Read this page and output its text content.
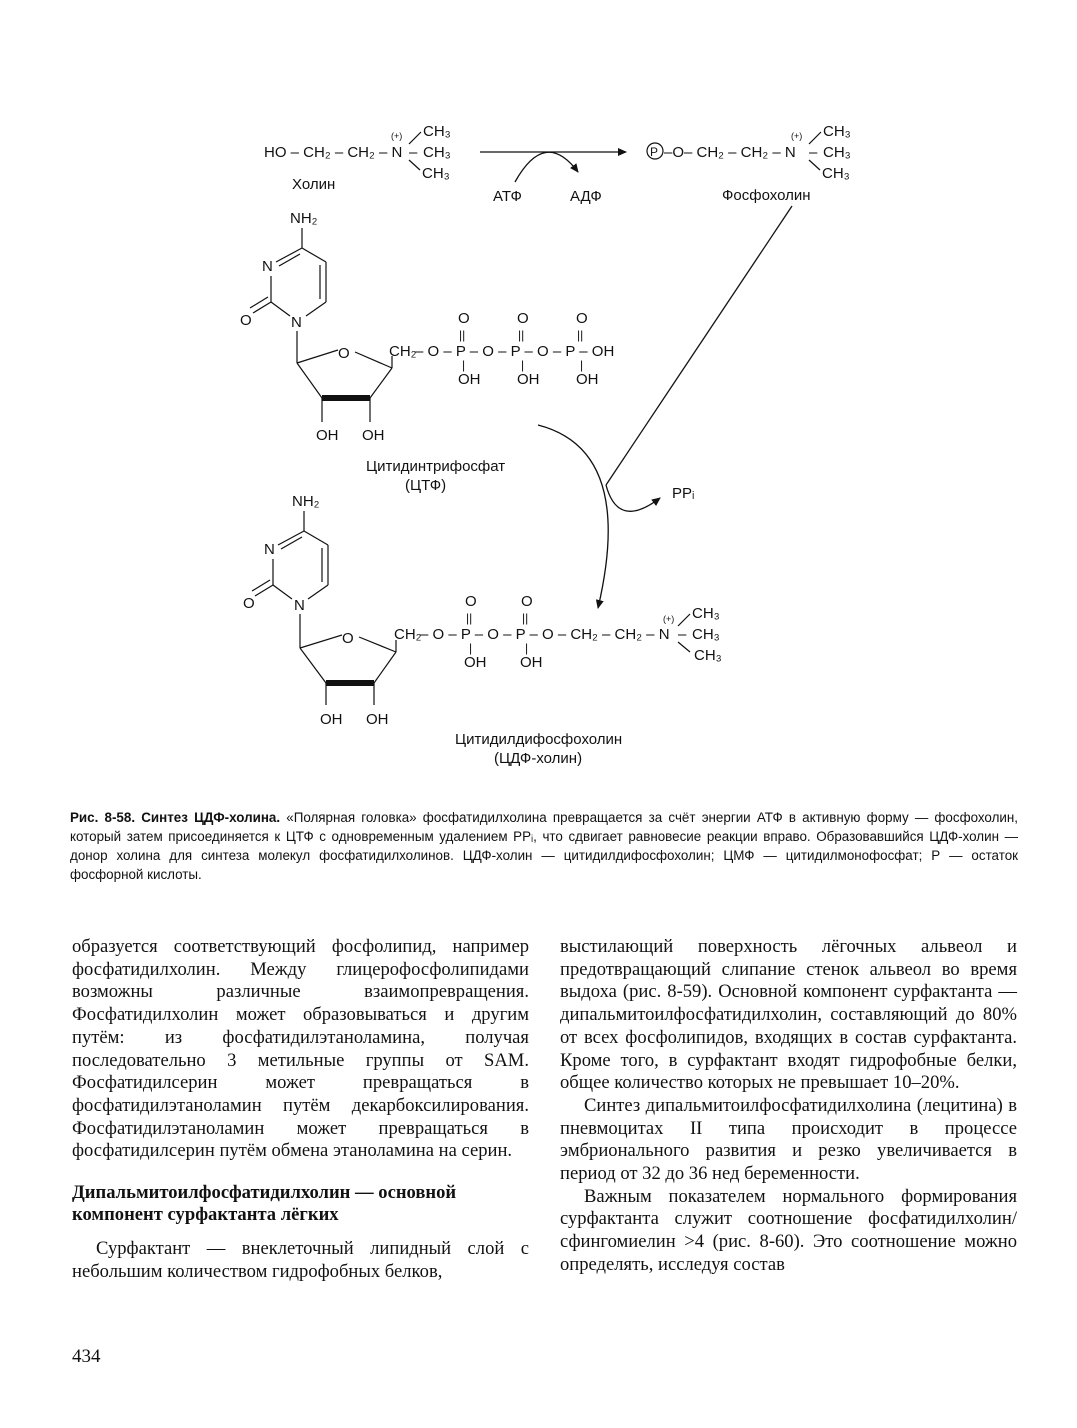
HO – CH₂ – CH₂ – N
(+) CH₃
– CH₃
CH₃
Холин
АТФ	АДФ
P –O– CH₂ – CH₂ – N
(+) CH₃
– CH₃
CH₃
Фосфохолин
NH₂
N
O	N
O
OH OH
CH₂
– O – P – O – P – O – P – OH
O
||
|
OH
O
||
|
OH
O
||
|
OH
Цитидинтрифосфат
(ЦТФ)	PPᵢ
NH₂
N
O	N
O
OH OH
CH₂
– O – P – O – P – O – CH₂ – CH₂ – N
O
||
|
OH
O
||
|
OH
(+) CH₃
– CH₃
CH₃
Цитидилдифосфохолин
(ЦДФ-холин)
Рис. 8-58. Синтез ЦДФ-холина. «Полярная головка» фосфатидилхолина превращается за счёт энергии АТФ в активную форму — фосфохолин, который затем присоединяется к ЦТФ с одновременным удалением PPᵢ, что сдвигает равновесие реакции вправо. Образовавшийся ЦДФ-холин — донор холина для синтеза молекул фосфатидилхолинов. ЦДФ-холин — цитидилдифосфохолин; ЦМФ — цитидилмонофосфат; Р — остаток фосфорной кислоты.

образуется соответствующий фосфолипид, например фосфатидилхолин. Между глицерофосфолипидами возможны различные взаимопревращения. Фосфатидилхолин может образовываться и другим путём: из фосфатидилэтаноламина, получая последовательно 3 метильные группы от SAM. Фосфатидилсерин может превращаться в фосфатидилэтаноламин путём декарбоксилирования. Фосфатидилэтаноламин может превращаться в фосфатидилсерин путём обмена этаноламина на серин.

Дипальмитоилфосфатидилхолин — основной компонент сурфактанта лёгких

Сурфактант — внеклеточный липидный слой с небольшим количеством гидрофобных белков,

выстилающий поверхность лёгочных альвеол и предотвращающий слипание стенок альвеол во время выдоха (рис. 8-59). Основной компонент сурфактанта — дипальмитоилфосфатидилхолин, составляющий до 80% от всех фосфолипидов, входящих в состав сурфактанта. Кроме того, в сурфактант входят гидрофобные белки, общее количество которых не превышает 10–20%.

Синтез дипальмитоилфосфатидилхолина (лецитина) в пневмоцитах II типа происходит в процессе эмбрионального развития и резко увеличивается в период от 32 до 36 нед беременности.

Важным показателем нормального формирования сурфактанта служит соотношение фосфатидилхолин/сфингомиелин >4 (рис. 8-60). Это соотношение можно определять, исследуя состав

434
